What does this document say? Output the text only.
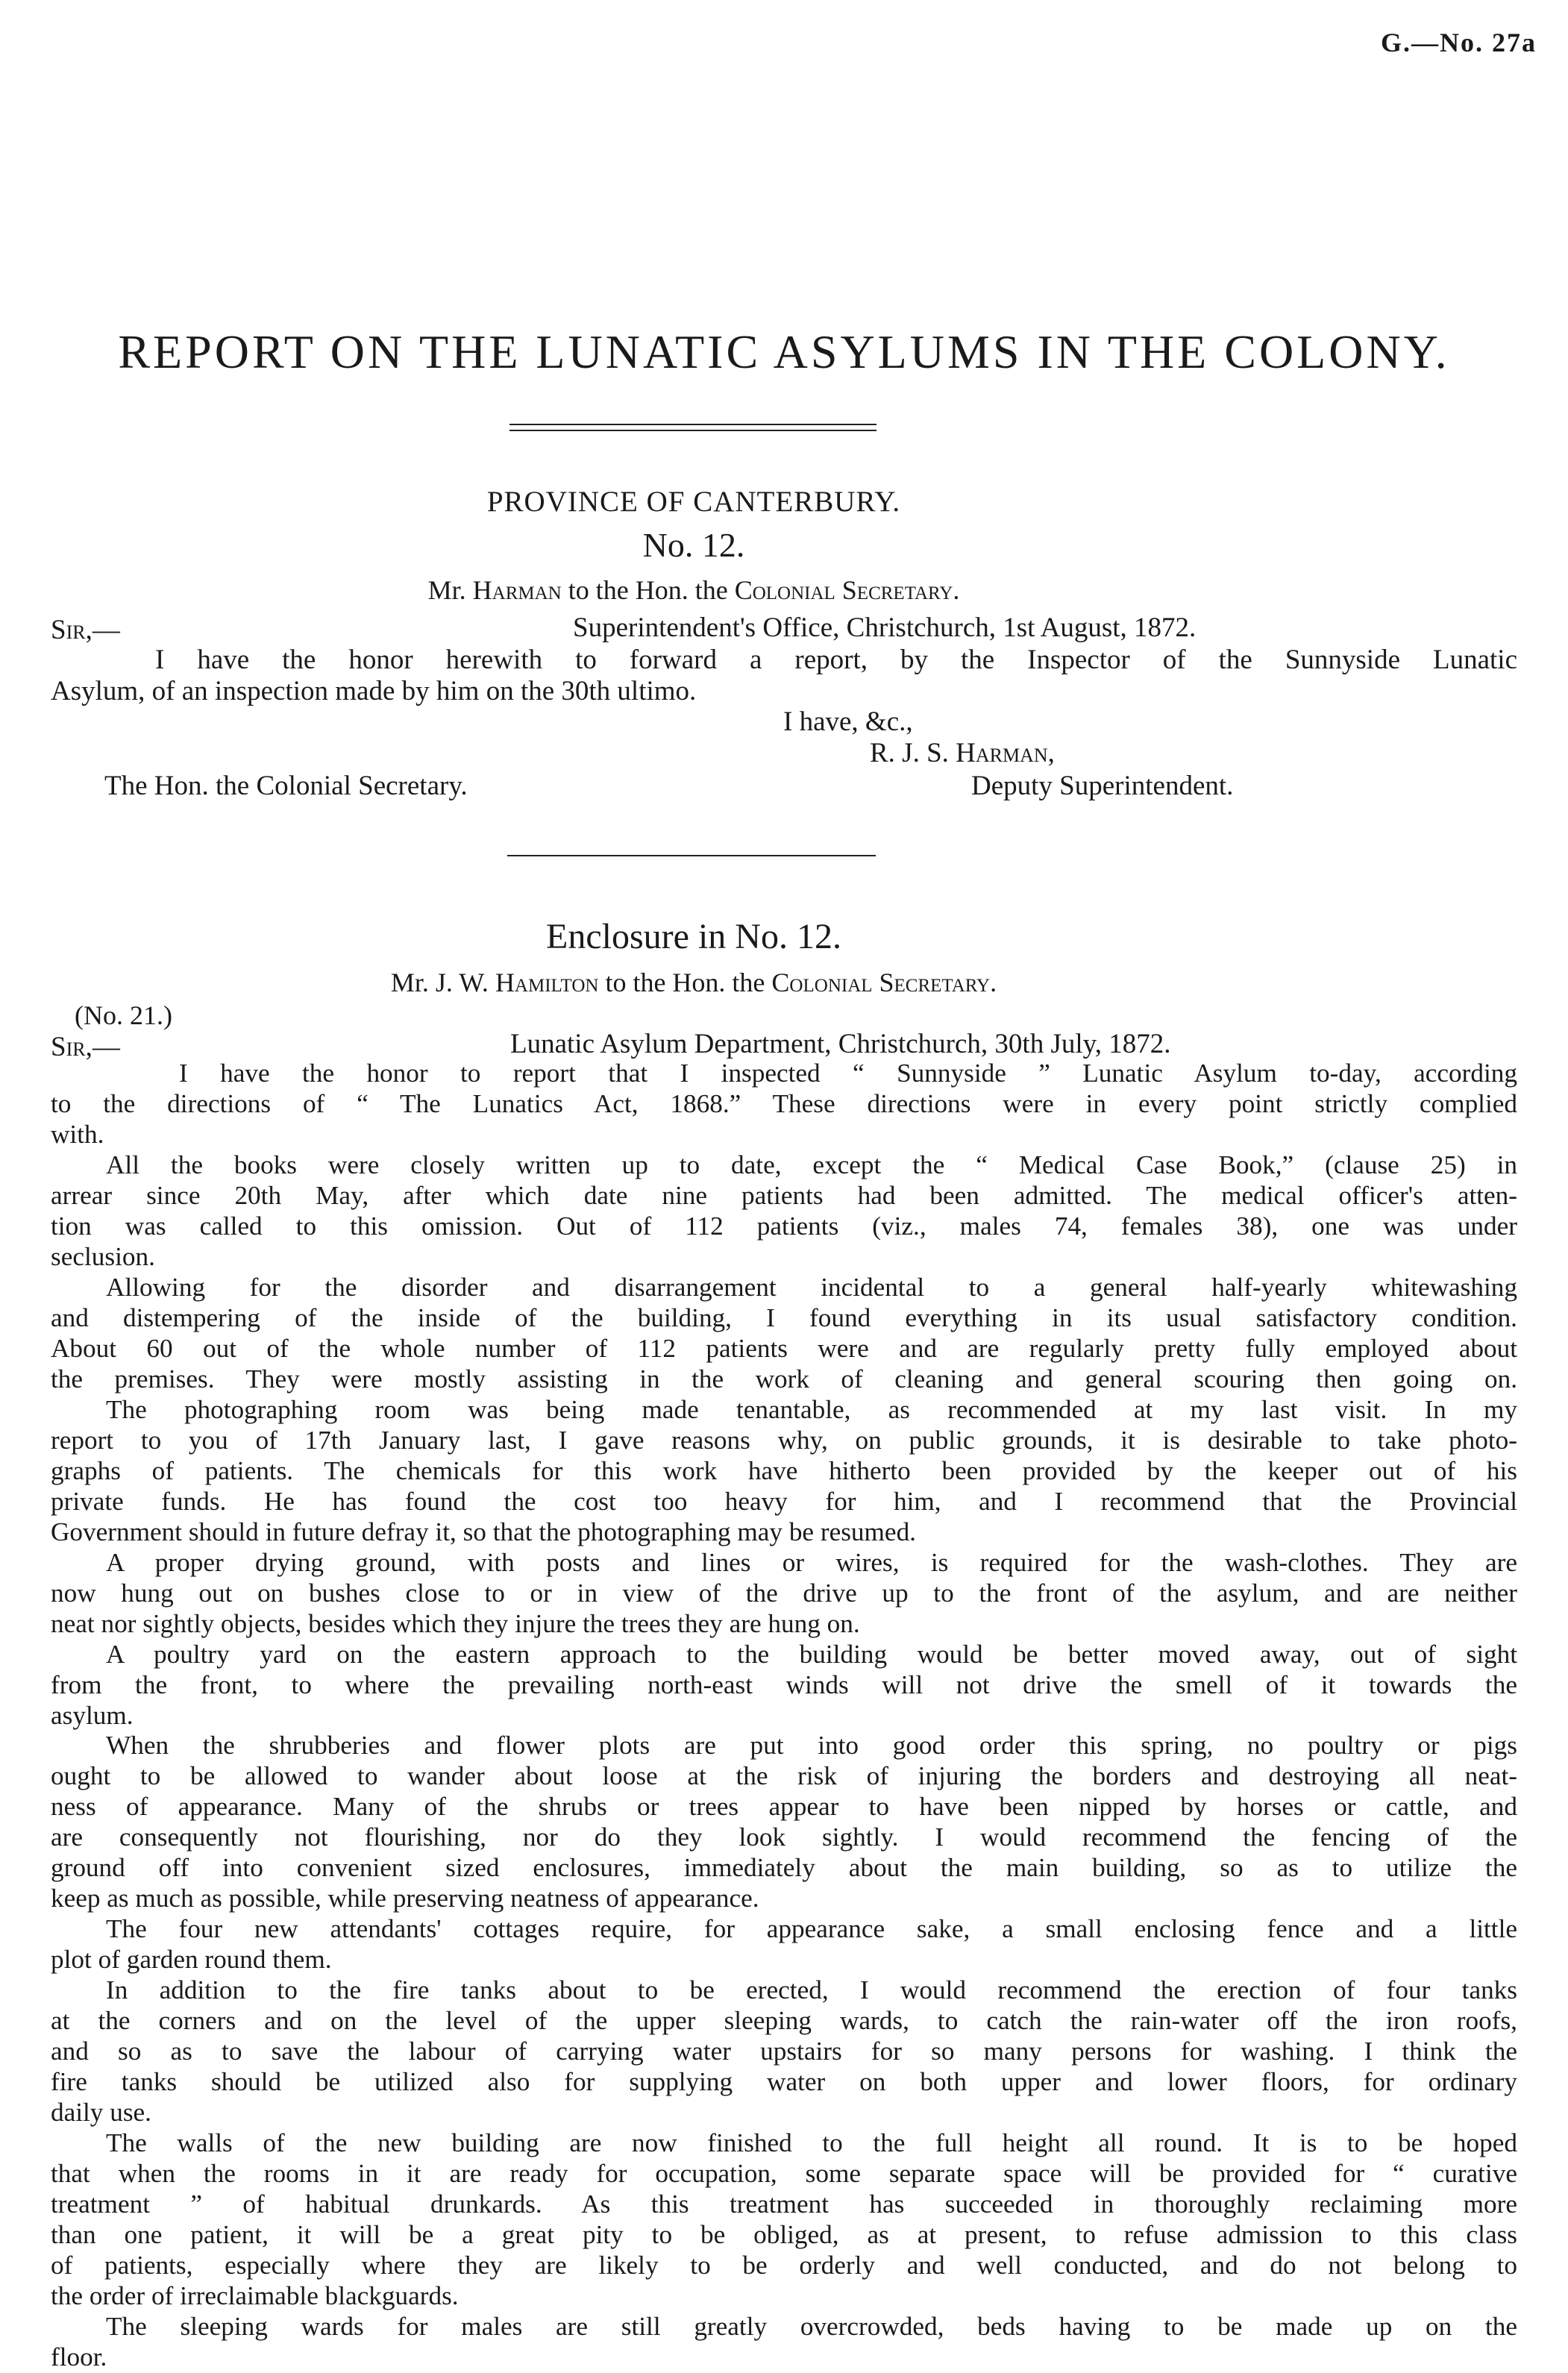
G.—No. 27a
REPORT ON THE LUNATIC ASYLUMS IN THE COLONY.
PROVINCE OF CANTERBURY.
No. 12.
Mr. Harman to the Hon. the Colonial Secretary.
Sir,—	Superintendent's Office, Christchurch, 1st August, 1872.
I have the honor herewith to forward a report, by the Inspector of the Sunnyside Lunatic
Asylum, of an inspection made by him on the 30th ultimo.
I have, &c.,
R. J. S. Harman,
The Hon. the Colonial Secretary.	Deputy Superintendent.
Enclosure in No. 12.
Mr. J. W. Hamilton to the Hon. the Colonial Secretary.
(No. 21.)
Sir,—	Lunatic Asylum Department, Christchurch, 30th July, 1872.
I have the honor to report that I inspected “ Sunnyside ” Lunatic Asylum to-day, according
to the directions of “ The Lunatics Act, 1868.” These directions were in every point strictly complied
with.
All the books were closely written up to date, except the “ Medical Case Book,” (clause 25) in
arrear since 20th May, after which date nine patients had been admitted. The medical officer's atten-
tion was called to this omission. Out of 112 patients (viz., males 74, females 38), one was under
seclusion.
Allowing for the disorder and disarrangement incidental to a general half-yearly whitewashing
and distempering of the inside of the building, I found everything in its usual satisfactory condition.
About 60 out of the whole number of 112 patients were and are regularly pretty fully employed about
the premises. They were mostly assisting in the work of cleaning and general scouring then going on.
The photographing room was being made tenantable, as recommended at my last visit. In my
report to you of 17th January last, I gave reasons why, on public grounds, it is desirable to take photo-
graphs of patients. The chemicals for this work have hitherto been provided by the keeper out of his
private funds. He has found the cost too heavy for him, and I recommend that the Provincial
Government should in future defray it, so that the photographing may be resumed.
A proper drying ground, with posts and lines or wires, is required for the wash-clothes. They are
now hung out on bushes close to or in view of the drive up to the front of the asylum, and are neither
neat nor sightly objects, besides which they injure the trees they are hung on.
A poultry yard on the eastern approach to the building would be better moved away, out of sight
from the front, to where the prevailing north-east winds will not drive the smell of it towards the
asylum.
When the shrubberies and flower plots are put into good order this spring, no poultry or pigs
ought to be allowed to wander about loose at the risk of injuring the borders and destroying all neat-
ness of appearance. Many of the shrubs or trees appear to have been nipped by horses or cattle, and
are consequently not flourishing, nor do they look sightly. I would recommend the fencing of the
ground off into convenient sized enclosures, immediately about the main building, so as to utilize the
keep as much as possible, while preserving neatness of appearance.
The four new attendants' cottages require, for appearance sake, a small enclosing fence and a little
plot of garden round them.
In addition to the fire tanks about to be erected, I would recommend the erection of four tanks
at the corners and on the level of the upper sleeping wards, to catch the rain-water off the iron roofs,
and so as to save the labour of carrying water upstairs for so many persons for washing. I think the
fire tanks should be utilized also for supplying water on both upper and lower floors, for ordinary
daily use.
The walls of the new building are now finished to the full height all round. It is to be hoped
that when the rooms in it are ready for occupation, some separate space will be provided for “ curative
treatment ” of habitual drunkards. As this treatment has succeeded in thoroughly reclaiming more
than one patient, it will be a great pity to be obliged, as at present, to refuse admission to this class
of patients, especially where they are likely to be orderly and well conducted, and do not belong to
the order of irreclaimable blackguards.
The sleeping wards for males are still greatly overcrowded, beds having to be made up on the
floor.
